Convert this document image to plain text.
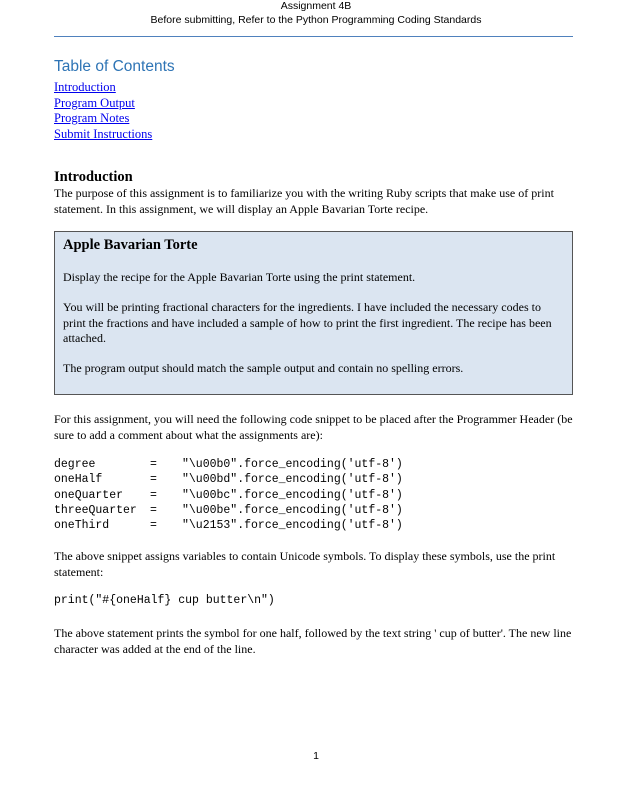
Assignment 4B
Before submitting, Refer to the Python Programming Coding Standards
Table of Contents
Introduction
Program Output
Program Notes
Submit Instructions
Introduction
The purpose of this assignment is to familiarize you with the writing Ruby scripts that make use of print statement. In this assignment, we will display an Apple Bavarian Torte recipe.
Apple Bavarian Torte
Display the recipe for the Apple Bavarian Torte using the print statement.
You will be printing fractional characters for the ingredients. I have included the necessary codes to print the fractions and have included a sample of how to print the first ingredient. The recipe has been attached.
The program output should match the sample output and contain no spelling errors.
For this assignment, you will need the following code snippet to be placed after the Programmer Header (be sure to add a comment about what the assignments are):
degree	= "\u00b0".force_encoding('utf-8')
oneHalf	= "\u00bd".force_encoding('utf-8')
oneQuarter = "\u00bc".force_encoding('utf-8')
threeQuarter = "\u00be".force_encoding('utf-8')
oneThird	= "\u2153".force_encoding('utf-8')
The above snippet assigns variables to contain Unicode symbols. To display these symbols, use the print statement:
print("#{oneHalf} cup butter\n")
The above statement prints the symbol for one half, followed by the text string ' cup of butter'. The new line character was added at the end of the line.
1
